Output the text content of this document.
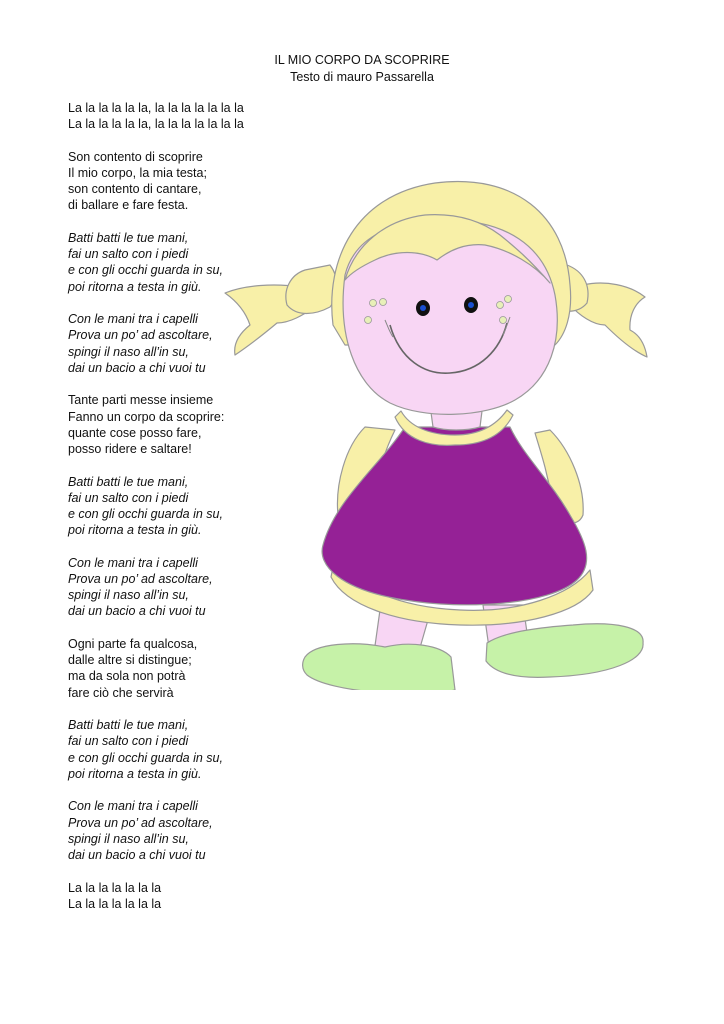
IL MIO CORPO DA SCOPRIRE
Testo di mauro Passarella
La la la la la la, la la la la la la la
La la la la la la, la la la la la la la
Son contento di scoprire
Il mio corpo, la mia testa;
son contento di cantare,
di ballare e fare festa.
Batti batti le tue mani,
fai un salto con i piedi
e con gli occhi guarda in su,
poi ritorna a testa in giù.
Con le mani tra i capelli
Prova un po’ ad ascoltare,
spingi il naso all’in su,
dai un bacio a chi vuoi tu
Tante parti messe insieme
Fanno un corpo da scoprire:
quante cose posso fare,
posso ridere e saltare!
Batti batti le tue mani,
fai un salto con i piedi
e con gli occhi guarda in su,
poi ritorna a testa in giù.
Con le mani tra i capelli
Prova un po’ ad ascoltare,
spingi il naso all’in su,
dai un bacio a chi vuoi tu
Ogni parte fa qualcosa,
dalle altre si distingue;
ma da sola non potrà
fare ciò che servirà
Batti batti le tue mani,
fai un salto con i piedi
e con gli occhi guarda in su,
poi ritorna a testa in giù.
Con le mani tra i capelli
Prova un po’ ad ascoltare,
spingi il naso all’in su,
dai un bacio a chi vuoi tu
La la la la la la la
La la la la la la la
